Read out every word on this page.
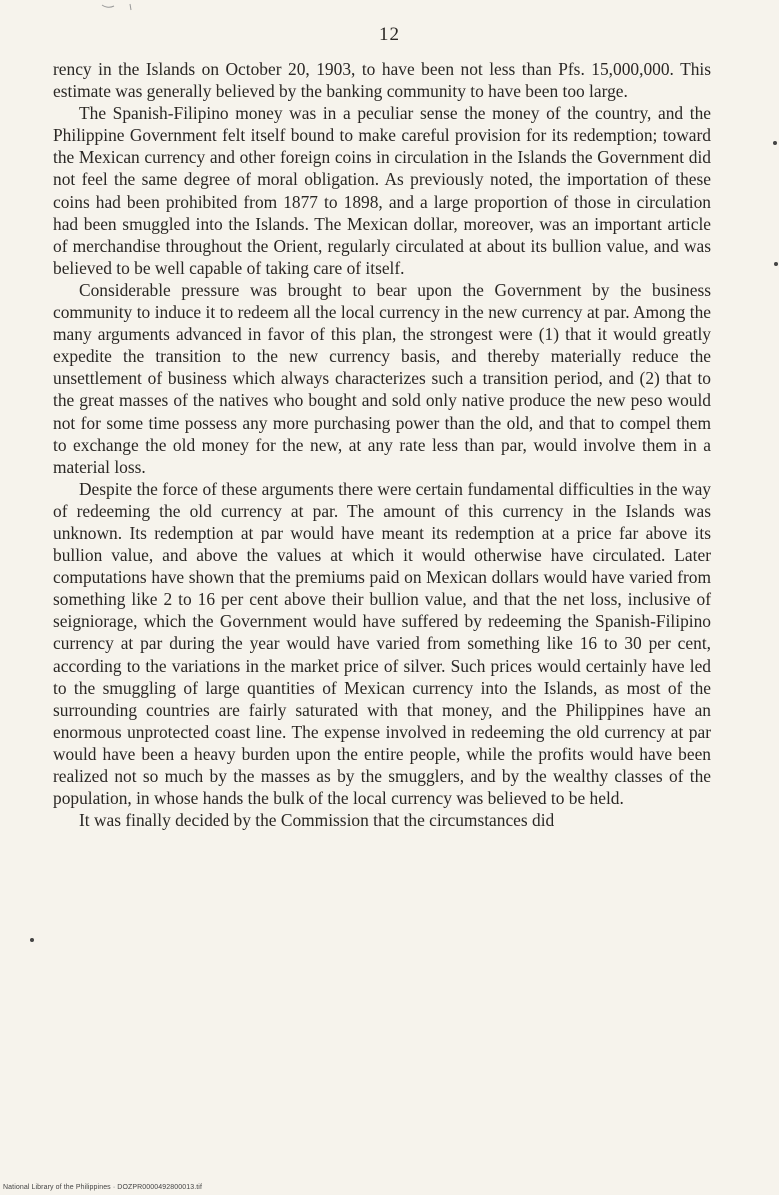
12

rency in the Islands on October 20, 1903, to have been not less than Pfs. 15,000,000. This estimate was generally believed by the banking community to have been too large.

The Spanish-Filipino money was in a peculiar sense the money of the country, and the Philippine Government felt itself bound to make careful provision for its redemption; toward the Mexican currency and other foreign coins in circulation in the Islands the Government did not feel the same degree of moral obligation. As previously noted, the importation of these coins had been prohibited from 1877 to 1898, and a large proportion of those in circulation had been smuggled into the Islands. The Mexican dollar, moreover, was an important article of merchandise throughout the Orient, regularly circulated at about its bullion value, and was believed to be well capable of taking care of itself.

Considerable pressure was brought to bear upon the Government by the business community to induce it to redeem all the local currency in the new currency at par. Among the many arguments advanced in favor of this plan, the strongest were (1) that it would greatly expedite the transition to the new currency basis, and thereby materially reduce the unsettlement of business which always characterizes such a transition period, and (2) that to the great masses of the natives who bought and sold only native produce the new peso would not for some time possess any more purchasing power than the old, and that to compel them to exchange the old money for the new, at any rate less than par, would involve them in a material loss.

Despite the force of these arguments there were certain fundamental difficulties in the way of redeeming the old currency at par. The amount of this currency in the Islands was unknown. Its redemption at par would have meant its redemption at a price far above its bullion value, and above the values at which it would otherwise have circulated. Later computations have shown that the premiums paid on Mexican dollars would have varied from something like 2 to 16 per cent above their bullion value, and that the net loss, inclusive of seigniorage, which the Government would have suffered by redeeming the Spanish-Filipino currency at par during the year would have varied from something like 16 to 30 per cent, according to the variations in the market price of silver. Such prices would certainly have led to the smuggling of large quantities of Mexican currency into the Islands, as most of the surrounding countries are fairly saturated with that money, and the Philippines have an enormous unprotected coast line. The expense involved in redeeming the old currency at par would have been a heavy burden upon the entire people, while the profits would have been realized not so much by the masses as by the smugglers, and by the wealthy classes of the population, in whose hands the bulk of the local currency was believed to be held.

It was finally decided by the Commission that the circumstances did

National Library of the Philippines · DOZPR0000492800013.tif
